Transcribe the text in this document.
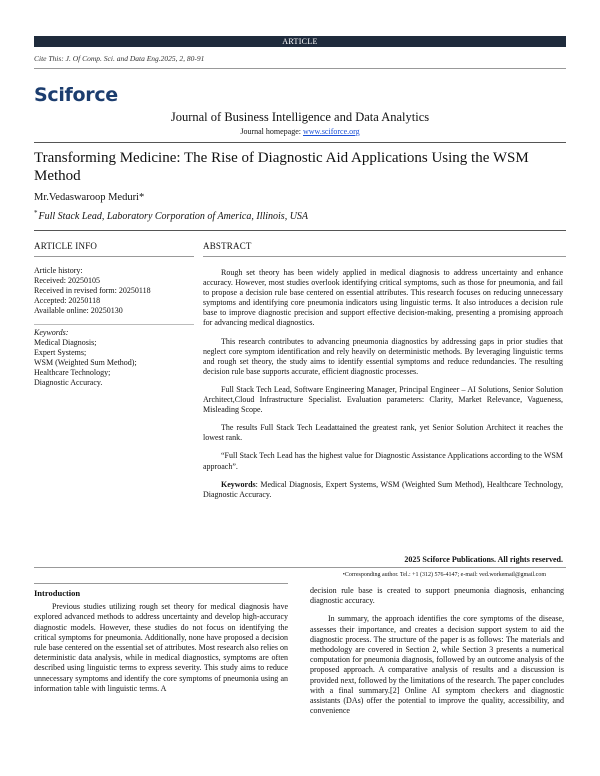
ARTICLE
Cite This: J. Of Comp. Sci. and Data Eng.2025, 2, 80-91
Sciforce
Journal of Business Intelligence and Data Analytics
Journal homepage: www.sciforce.org
Transforming Medicine: The Rise of Diagnostic Aid Applications Using the WSM Method
Mr.Vedaswaroop Meduri*
*Full Stack Lead, Laboratory Corporation of America, Illinois, USA
ARTICLE INFO	ABSTRACT
Article history:
Received: 20250105
Received in revised form: 20250118
Accepted: 20250118
Available online: 20250130
Keywords:
Medical Diagnosis;
Expert Systems;
WSM (Weighted Sum Method);
Healthcare Technology;
Diagnostic Accuracy.

Rough set theory has been widely applied in medical diagnosis to address uncertainty and enhance accuracy. However, most studies overlook identifying critical symptoms, such as those for pneumonia, and fail to propose a decision rule base centered on essential attributes. This research focuses on reducing unnecessary symptoms and identifying core pneumonia indicators using linguistic terms. It also introduces a decision rule base to improve diagnostic precision and support effective decision-making, presenting a promising approach for advancing medical diagnostics.

This research contributes to advancing pneumonia diagnostics by addressing gaps in prior studies that neglect core symptom identification and rely heavily on deterministic methods. By leveraging linguistic terms and rough set theory, the study aims to identify essential symptoms and reduce redundancies. The resulting decision rule base supports accurate, efficient diagnostic processes.

Full Stack Tech Lead, Software Engineering Manager, Principal Engineer – AI Solutions, Senior Solution Architect,Cloud Infrastructure Specialist. Evaluation parameters: Clarity, Market Relevance, Vagueness, Misleading Scope.

The results Full Stack Tech Leadattained the greatest rank, yet Senior Solution Architect it reaches the lowest rank.

“Full Stack Tech Lead has the highest value for Diagnostic Assistance Applications according to the WSM approach”.

Keywords: Medical Diagnosis, Expert Systems, WSM (Weighted Sum Method), Healthcare Technology, Diagnostic Accuracy.

2025 Sciforce Publications. All rights reserved.
•Corresponding author. Tel.: +1 (312) 576-4147; e-mail: ved.workemail@gmail.com
Introduction

Previous studies utilizing rough set theory for medical diagnosis have explored advanced methods to address uncertainty and develop high-accuracy diagnostic models. However, these studies do not focus on identifying the critical symptoms for pneumonia. Additionally, none have proposed a decision rule base centered on the essential set of attributes. Most research also relies on deterministic data analysis, while in medical diagnostics, symptoms are often described using linguistic terms to express severity. This study aims to reduce unnecessary symptoms and identify the core symptoms of pneumonia using an information table with linguistic terms. A

decision rule base is created to support pneumonia diagnosis, enhancing diagnostic accuracy.

In summary, the approach identifies the core symptoms of the disease, assesses their importance, and creates a decision support system to aid the diagnostic process. The structure of the paper is as follows: The materials and methodology are covered in Section 2, while Section 3 presents a numerical computation for pneumonia diagnosis, followed by an outcome analysis of the proposed approach. A comparative analysis of results and a discussion is provided next, followed by the limitations of the research. The paper concludes with a final summary.[2] Online AI symptom checkers and diagnostic assistants (DAs) offer the potential to improve the quality, accessibility, and convenience
